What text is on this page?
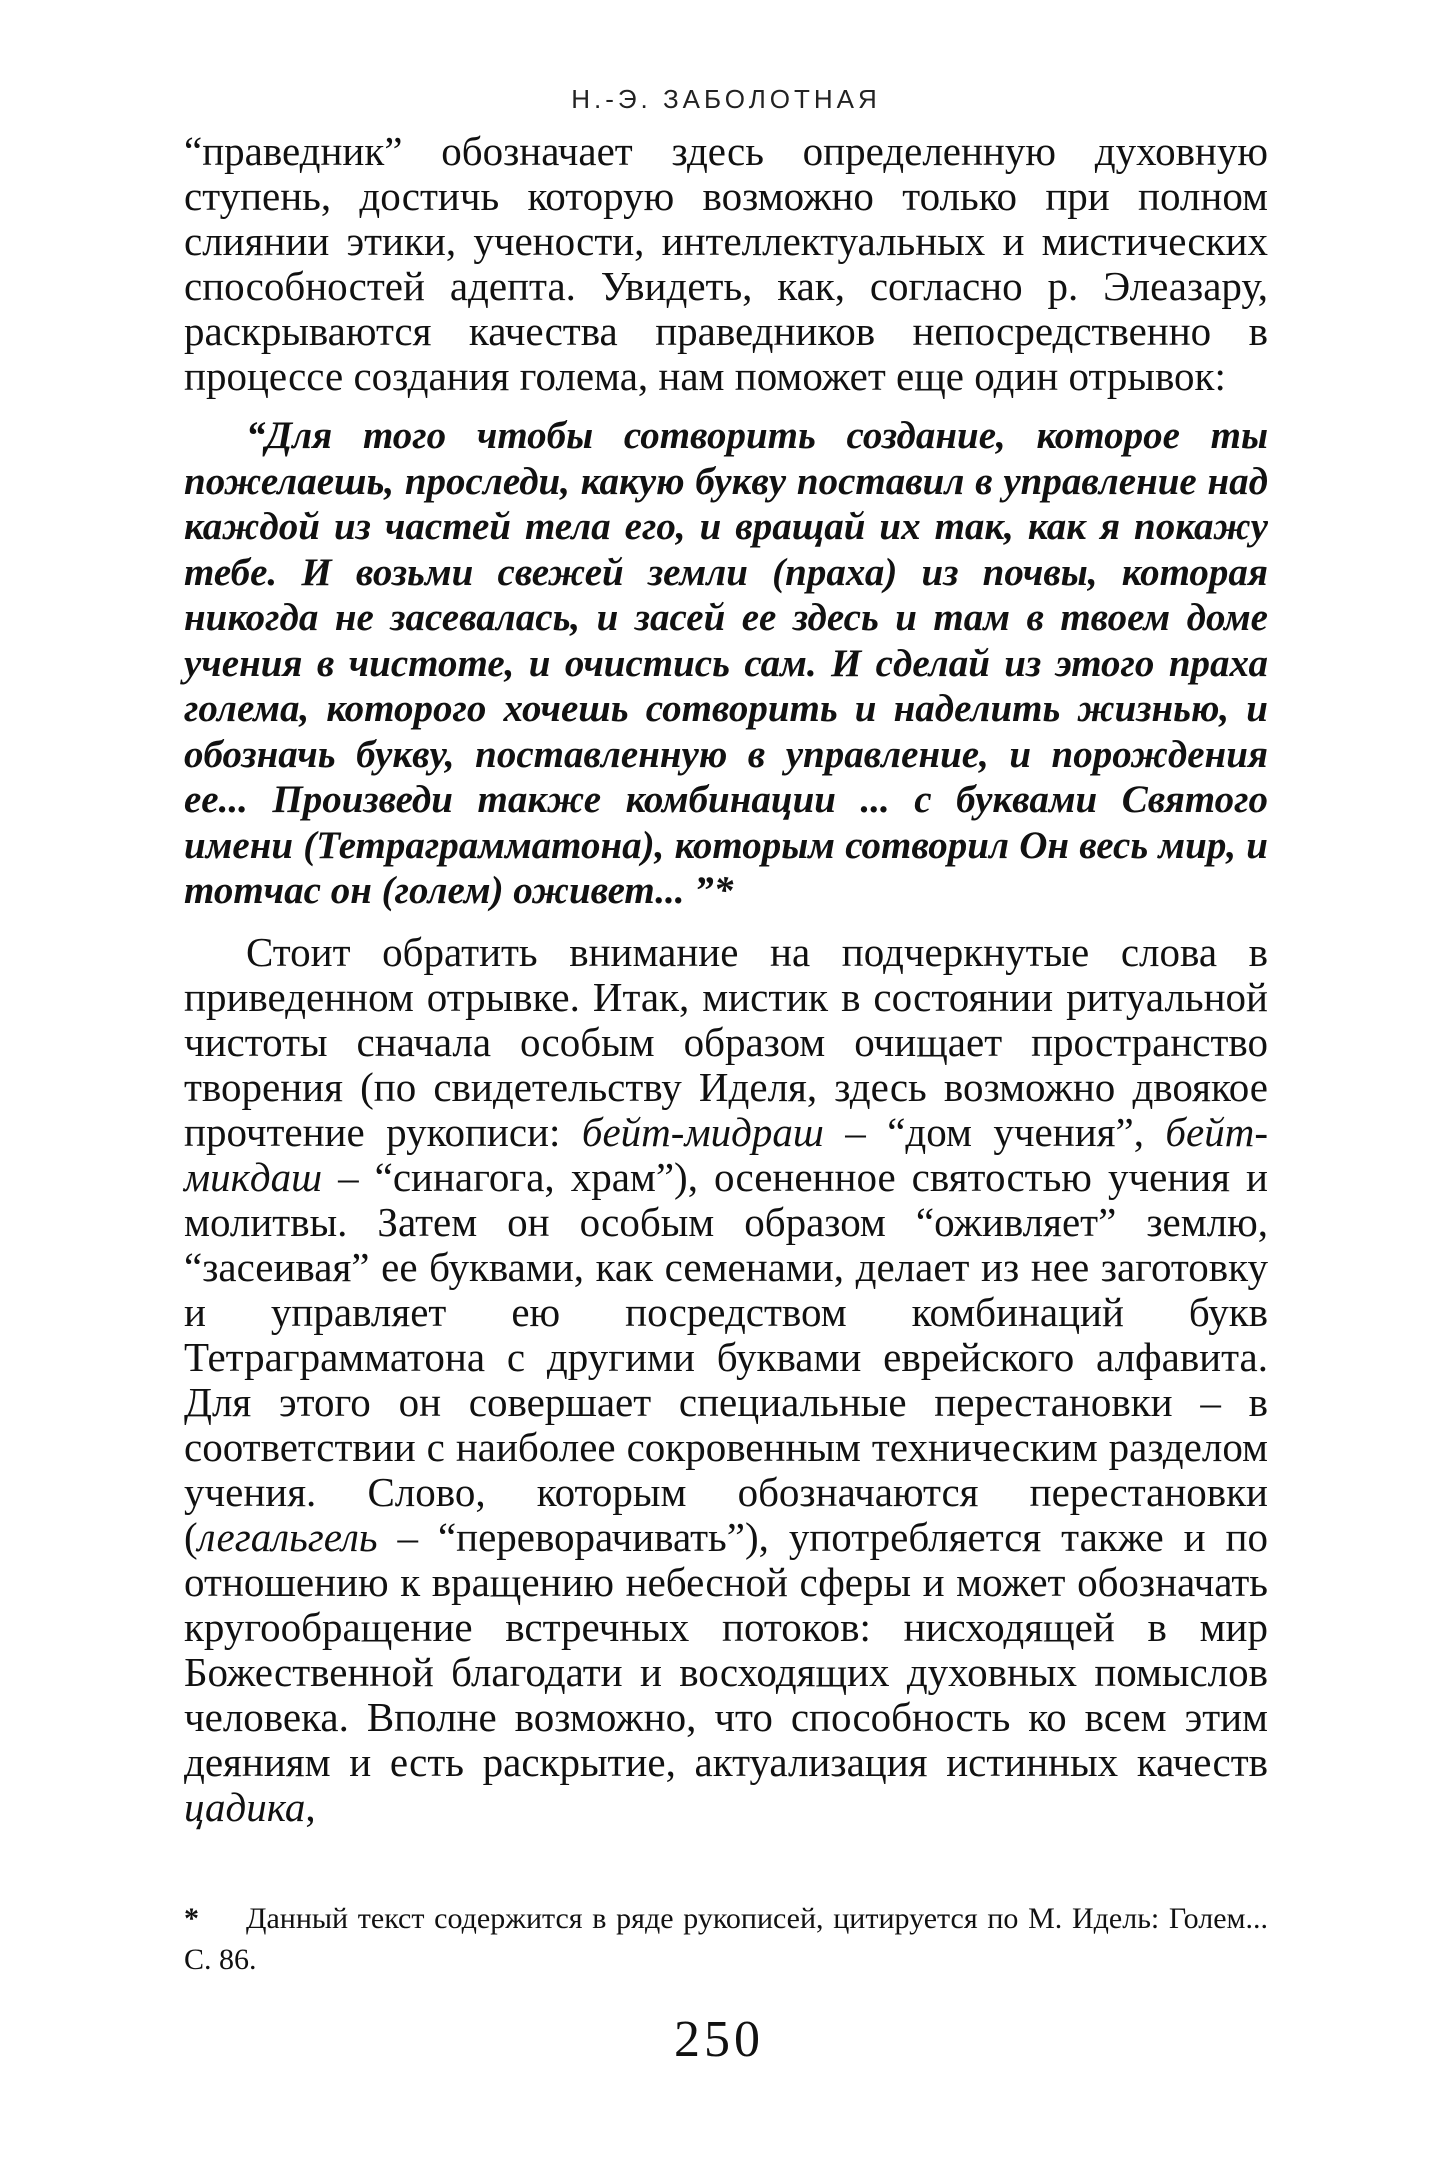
Н.-Э. ЗАБОЛОТНАЯ

“праведник” обозначает здесь определенную духовную ступень, достичь которую возможно только при полном слиянии этики, учености, интеллектуальных и мистических способностей адепта. Увидеть, как, согласно р. Элеазару, раскрываются качества праведников непосредственно в процессе создания голема, нам поможет еще один отрывок:

“Для того чтобы сотворить создание, которое ты пожелаешь, проследи, какую букву поставил в управление над каждой из частей тела его, и вращай их так, как я покажу тебе. И возьми свежей земли (праха) из почвы, которая никогда не засевалась, и засей ее здесь и там в твоем доме учения в чистоте, и очистись сам. И сделай из этого праха голема, которого хочешь сотворить и наделить жизнью, и обозначь букву, поставленную в управление, и порождения ее... Произведи также комбинации ... с буквами Святого имени (Тетраграмматона), которым сотворил Он весь мир, и тотчас он (голем) оживет... ”*

Стоит обратить внимание на подчеркнутые слова в приведенном отрывке. Итак, мистик в состоянии ритуальной чистоты сначала особым образом очищает пространство творения (по свидетельству Иделя, здесь возможно двоякое прочтение рукописи: бейт-мидраш – “дом учения”, бейт-микдаш – “синагога, храм”), осененное святостью учения и молитвы. Затем он особым образом “оживляет” землю, “засеивая” ее буквами, как семенами, делает из нее заготовку и управляет ею посредством комбинаций букв Тетраграмматона с другими буквами еврейского алфавита. Для этого он совершает специальные перестановки – в соответствии с наиболее сокровенным техническим разделом учения. Слово, которым обозначаются перестановки (легальгель – “переворачивать”), употребляется также и по отношению к вращению небесной сферы и может обозначать кругообращение встречных потоков: нисходящей в мир Божественной благодати и восходящих духовных помыслов человека. Вполне возможно, что способность ко всем этим деяниям и есть раскрытие, актуализация истинных качеств цадика,

* Данный текст содержится в ряде рукописей, цитируется по М. Идель: Голем... С. 86.

250
